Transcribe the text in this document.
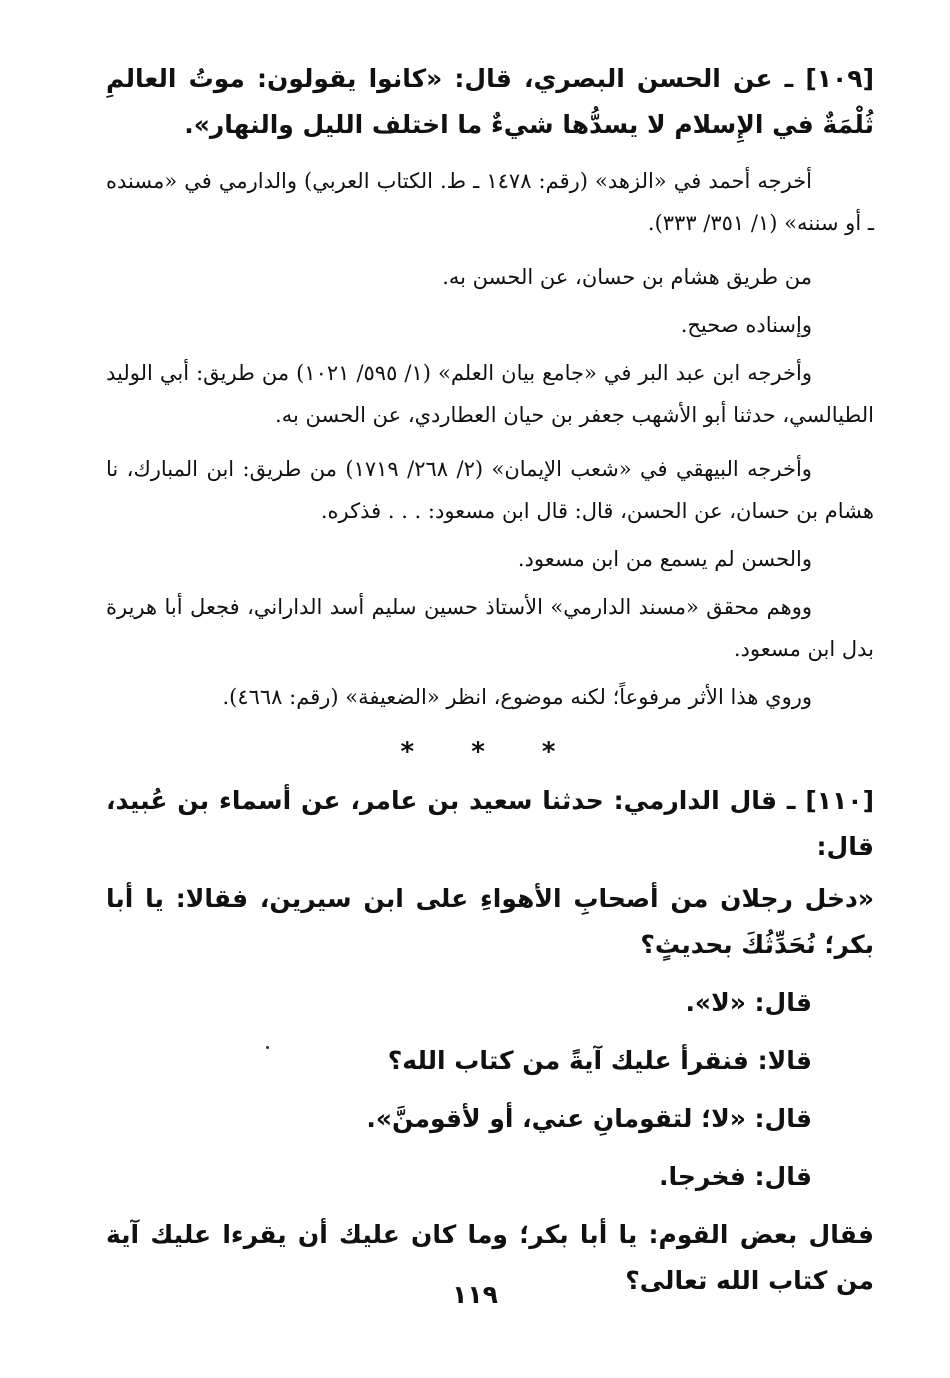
[١٠٩] ـ عن الحسن البصري، قال: «كانوا يقولون: موتُ العالمِ ثُلْمَةٌ في الإِسلام لا يسدُّها شيءٌ ما اختلف الليل والنهار».

أخرجه أحمد في «الزهد» (رقم: ١٤٧٨ ـ ط. الكتاب العربي) والدارمي في «مسنده ـ أو سننه» (١/ ٣٥١/ ٣٣٣).

من طريق هشام بن حسان، عن الحسن به.

وإسناده صحيح.

وأخرجه ابن عبد البر في «جامع بيان العلم» (١/ ٥٩٥/ ١٠٢١) من طريق: أبي الوليد الطيالسي، حدثنا أبو الأشهب جعفر بن حيان العطاردي، عن الحسن به.

وأخرجه البيهقي في «شعب الإيمان» (٢/ ٢٦٨/ ١٧١٩) من طريق: ابن المبارك، نا هشام بن حسان، عن الحسن، قال: قال ابن مسعود: . . . فذكره.

والحسن لم يسمع من ابن مسعود.

ووهم محقق «مسند الدارمي» الأستاذ حسين سليم أسد الداراني، فجعل أبا هريرة بدل ابن مسعود.

وروي هذا الأثر مرفوعاً؛ لكنه موضوع، انظر «الضعيفة» (رقم: ٤٦٦٨).

* * *

[١١٠] ـ قال الدارمي: حدثنا سعيد بن عامر، عن أسماء بن عُبيد، قال:

«دخل رجلان من أصحابِ الأهواءِ على ابن سيرين، فقالا: يا أبا بكر؛ نُحَدِّثُكَ بحديثٍ؟

قال: «لا».

قالا: فنقرأ عليك آيةً من كتاب الله؟

قال: «لا؛ لتقومانِ عني، أو لأقومنَّ».

قال: فخرجا.

فقال بعض القوم: يا أبا بكر؛ وما كان عليك أن يقرءا عليك آية من كتاب الله تعالى؟

١١٩
